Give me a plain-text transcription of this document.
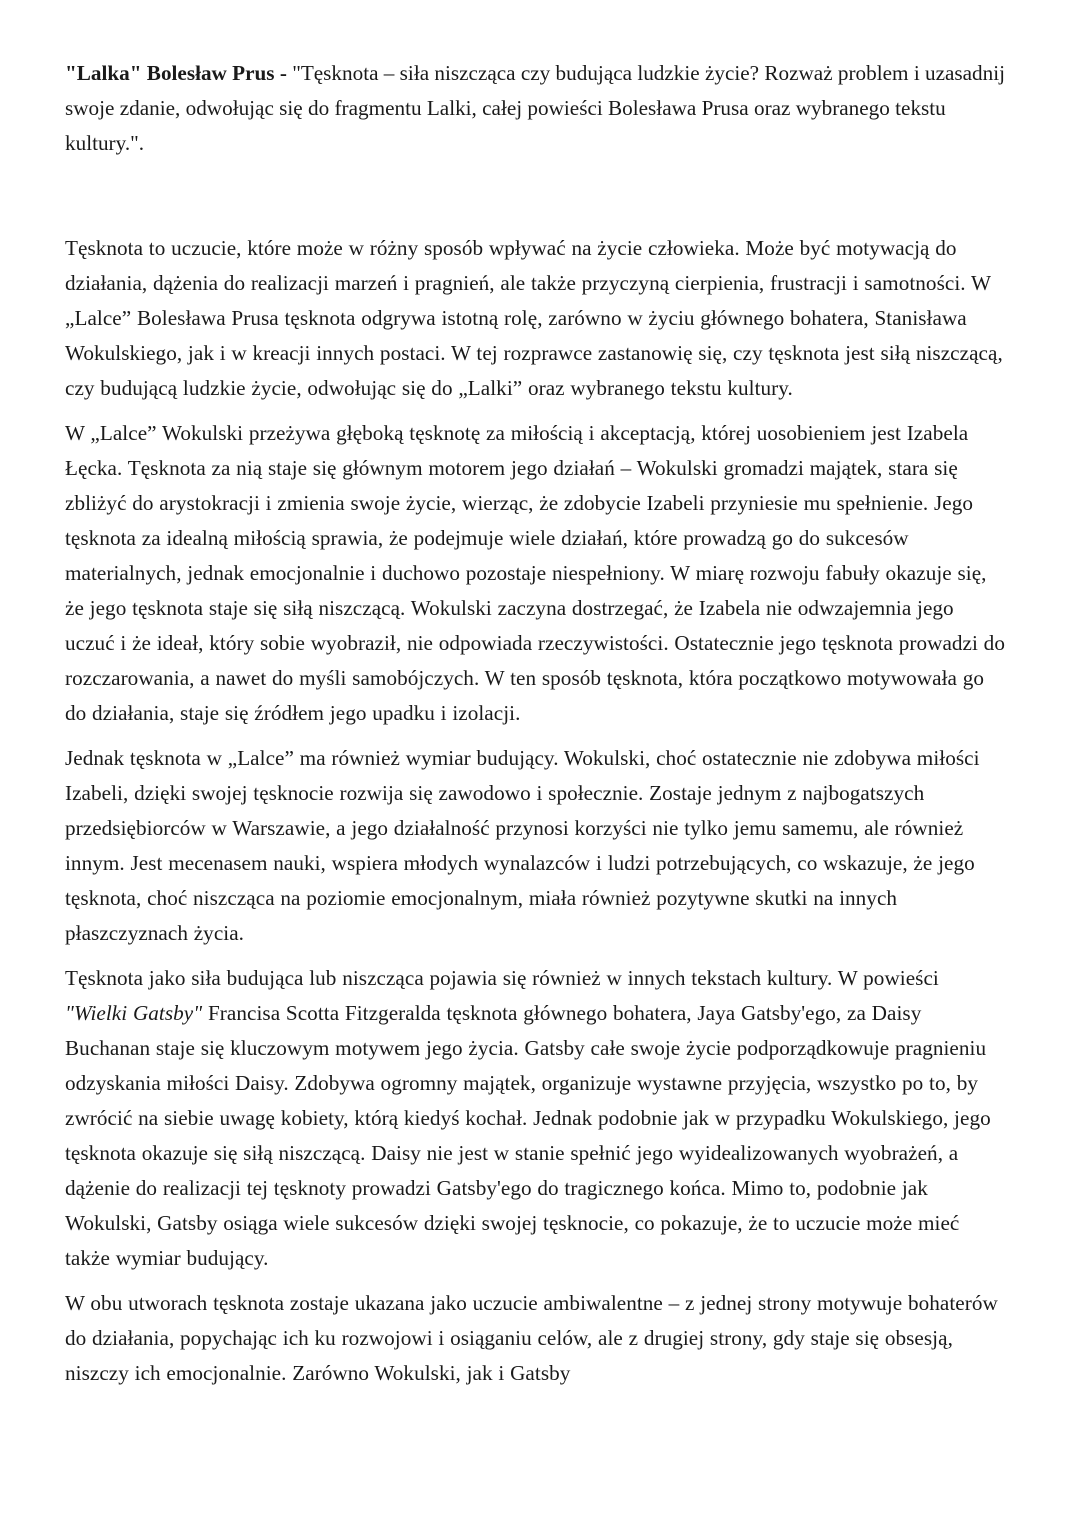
"Lalka" Bolesław Prus - "Tęsknota – siła niszcząca czy budująca ludzkie życie? Rozważ problem i uzasadnij swoje zdanie, odwołując się do fragmentu Lalki, całej powieści Bolesława Prusa oraz wybranego tekstu kultury.".

Tęsknota to uczucie, które może w różny sposób wpływać na życie człowieka. Może być motywacją do działania, dążenia do realizacji marzeń i pragnień, ale także przyczyną cierpienia, frustracji i samotności. W „Lalce” Bolesława Prusa tęsknota odgrywa istotną rolę, zarówno w życiu głównego bohatera, Stanisława Wokulskiego, jak i w kreacji innych postaci. W tej rozprawce zastanowię się, czy tęsknota jest siłą niszczącą, czy budującą ludzkie życie, odwołując się do „Lalki” oraz wybranego tekstu kultury.

W „Lalce” Wokulski przeżywa głęboką tęsknotę za miłością i akceptacją, której uosobieniem jest Izabela Łęcka. Tęsknota za nią staje się głównym motorem jego działań – Wokulski gromadzi majątek, stara się zbliżyć do arystokracji i zmienia swoje życie, wierząc, że zdobycie Izabeli przyniesie mu spełnienie. Jego tęsknota za idealną miłością sprawia, że podejmuje wiele działań, które prowadzą go do sukcesów materialnych, jednak emocjonalnie i duchowo pozostaje niespełniony. W miarę rozwoju fabuły okazuje się, że jego tęsknota staje się siłą niszczącą. Wokulski zaczyna dostrzegać, że Izabela nie odwzajemnia jego uczuć i że ideał, który sobie wyobraził, nie odpowiada rzeczywistości. Ostatecznie jego tęsknota prowadzi do rozczarowania, a nawet do myśli samobójczych. W ten sposób tęsknota, która początkowo motywowała go do działania, staje się źródłem jego upadku i izolacji.

Jednak tęsknota w „Lalce” ma również wymiar budujący. Wokulski, choć ostatecznie nie zdobywa miłości Izabeli, dzięki swojej tęsknocie rozwija się zawodowo i społecznie. Zostaje jednym z najbogatszych przedsiębiorców w Warszawie, a jego działalność przynosi korzyści nie tylko jemu samemu, ale również innym. Jest mecenasem nauki, wspiera młodych wynalazców i ludzi potrzebujących, co wskazuje, że jego tęsknota, choć niszcząca na poziomie emocjonalnym, miała również pozytywne skutki na innych płaszczyznach życia.

Tęsknota jako siła budująca lub niszcząca pojawia się również w innych tekstach kultury. W powieści "Wielki Gatsby" Francisa Scotta Fitzgeralda tęsknota głównego bohatera, Jaya Gatsby'ego, za Daisy Buchanan staje się kluczowym motywem jego życia. Gatsby całe swoje życie podporządkowuje pragnieniu odzyskania miłości Daisy. Zdobywa ogromny majątek, organizuje wystawne przyjęcia, wszystko po to, by zwrócić na siebie uwagę kobiety, którą kiedyś kochał. Jednak podobnie jak w przypadku Wokulskiego, jego tęsknota okazuje się siłą niszczącą. Daisy nie jest w stanie spełnić jego wyidealizowanych wyobrażeń, a dążenie do realizacji tej tęsknoty prowadzi Gatsby'ego do tragicznego końca. Mimo to, podobnie jak Wokulski, Gatsby osiąga wiele sukcesów dzięki swojej tęsknocie, co pokazuje, że to uczucie może mieć także wymiar budujący.

W obu utworach tęsknota zostaje ukazana jako uczucie ambiwalentne – z jednej strony motywuje bohaterów do działania, popychając ich ku rozwojowi i osiąganiu celów, ale z drugiej strony, gdy staje się obsesją, niszczy ich emocjonalnie. Zarówno Wokulski, jak i Gatsby
